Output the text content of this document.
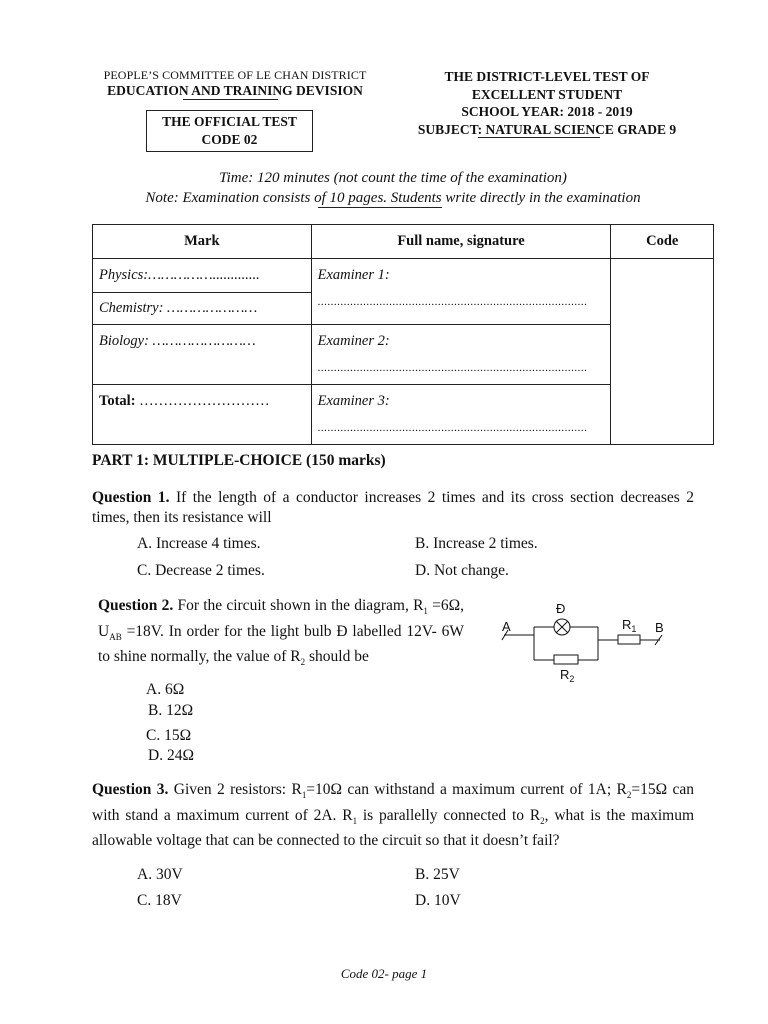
PEOPLE’S COMMITTEE OF LE CHAN DISTRICT
EDUCATION AND TRAINING DEVISION
THE OFFICIAL TEST
CODE 02
THE DISTRICT-LEVEL TEST OF
EXCELLENT STUDENT
SCHOOL YEAR: 2018 - 2019
SUBJECT: NATURAL SCIENCE GRADE 9
Time: 120 minutes (not count the time of the examination)
Note: Examination consists of 10 pages. Students write directly in the examination
Mark	Full name, signature	Code
Physics:…………….............	Examiner 1:
...................................................................................	

Chemistry: …………………		
Biology: ……………………	Examiner 2:
...................................................................................	

Total: ………………………	Examiner 3:
...................................................................................	
PART 1: MULTIPLE-CHOICE (150 marks)
Question 1. If the length of a conductor increases 2 times and its cross section decreases 2 times, then its resistance will
A. Increase 4 times.	B. Increase 2 times.
C. Decrease 2 times.	D. Not change.
Question 2. For the circuit shown in the diagram, $R_1 =6\Omega$, $U_{AB} =18V$. In order for the light bulb Đ labelled 12V- 6W to shine normally, the value of $R_2$ should be
A. 6Ω
B. 12Ω
C. 15Ω
D. 24Ω
Đ
A	$R_1$ B
$R_2$
Question 3. Given 2 resistors: $R_1=10\Omega$ can withstand a maximum current of 1A; $R_2=15\Omega$ can with stand a maximum current of 2A. $R_1$ is parallelly connected to $R_2$, what is the maximum allowable voltage that can be connected to the circuit so that it doesn’t fail?
A. 30V	B. 25V
C. 18V	D. 10V
Code 02- page 1
